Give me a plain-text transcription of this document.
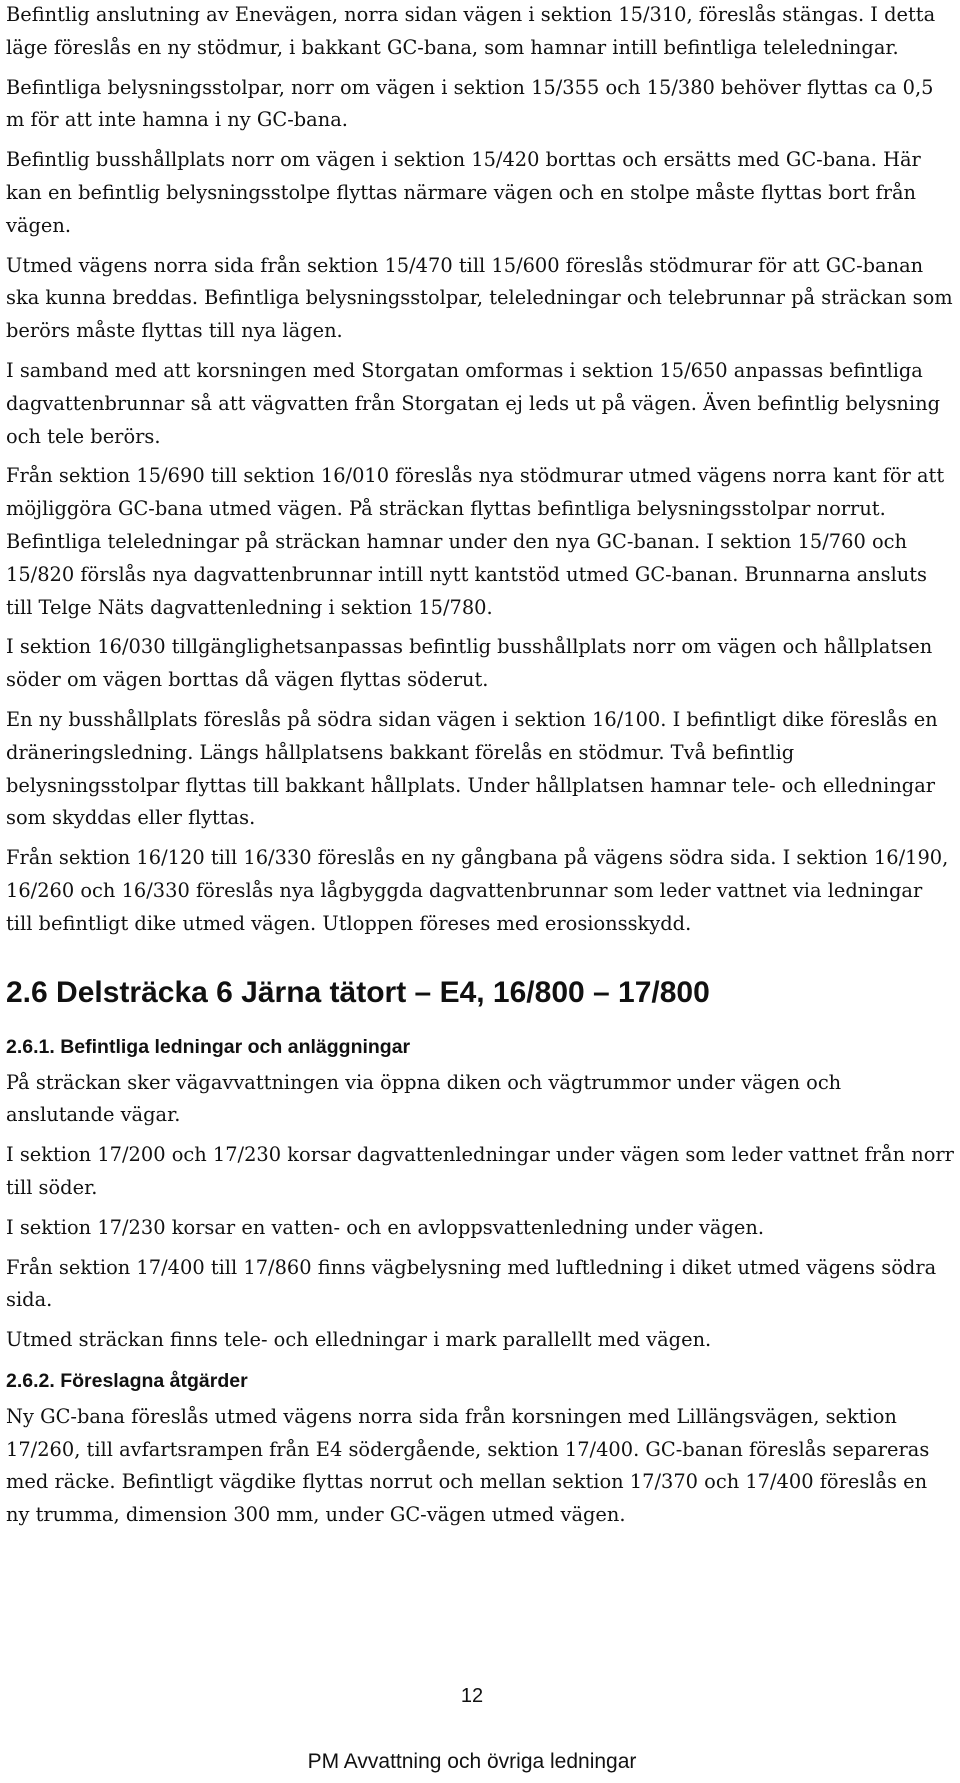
Befintlig anslutning av Enevägen, norra sidan vägen i sektion 15/310, föreslås stängas. I detta läge föreslås en ny stödmur, i bakkant GC-bana, som hamnar intill befintliga teleledningar.

Befintliga belysningsstolpar, norr om vägen i sektion 15/355 och 15/380 behöver flyttas ca 0,5 m för att inte hamna i ny GC-bana.

Befintlig busshållplats norr om vägen i sektion 15/420 borttas och ersätts med GC-bana. Här kan en befintlig belysningsstolpe flyttas närmare vägen och en stolpe måste flyttas bort från vägen.

Utmed vägens norra sida från sektion 15/470 till 15/600 föreslås stödmurar för att GC-banan ska kunna breddas. Befintliga belysningsstolpar, teleledningar och telebrunnar på sträckan som berörs måste flyttas till nya lägen.

I samband med att korsningen med Storgatan omformas i sektion 15/650 anpassas befintliga dagvattenbrunnar så att vägvatten från Storgatan ej leds ut på vägen. Även befintlig belysning och tele berörs.

Från sektion 15/690 till sektion 16/010 föreslås nya stödmurar utmed vägens norra kant för att möjliggöra GC-bana utmed vägen. På sträckan flyttas befintliga belysningsstolpar norrut. Befintliga teleledningar på sträckan hamnar under den nya GC-banan. I sektion 15/760 och 15/820 förslås nya dagvattenbrunnar intill nytt kantstöd utmed GC-banan. Brunnarna ansluts till Telge Näts dagvattenledning i sektion 15/780.

I sektion 16/030 tillgänglighetsanpassas befintlig busshållplats norr om vägen och hållplatsen söder om vägen borttas då vägen flyttas söderut.

En ny busshållplats föreslås på södra sidan vägen i sektion 16/100. I befintligt dike föreslås en dräneringsledning. Längs hållplatsens bakkant förelås en stödmur. Två befintlig belysningsstolpar flyttas till bakkant hållplats. Under hållplatsen hamnar tele- och elledningar som skyddas eller flyttas.

Från sektion 16/120 till 16/330 föreslås en ny gångbana på vägens södra sida. I sektion 16/190, 16/260 och 16/330 föreslås nya lågbyggda dagvattenbrunnar som leder vattnet via ledningar till befintligt dike utmed vägen. Utloppen föreses med erosionsskydd.

2.6 Delsträcka 6 Järna tätort – E4, 16/800 – 17/800
2.6.1. Befintliga ledningar och anläggningar

På sträckan sker vägavvattningen via öppna diken och vägtrummor under vägen och anslutande vägar.

I sektion 17/200 och 17/230 korsar dagvattenledningar under vägen som leder vattnet från norr till söder.

I sektion 17/230 korsar en vatten- och en avloppsvattenledning under vägen.

Från sektion 17/400 till 17/860 finns vägbelysning med luftledning i diket utmed vägens södra sida.

Utmed sträckan finns tele- och elledningar i mark parallellt med vägen.

2.6.2. Föreslagna åtgärder

Ny GC-bana föreslås utmed vägens norra sida från korsningen med Lillängsvägen, sektion 17/260, till avfartsrampen från E4 södergående, sektion 17/400. GC-banan föreslås separeras med räcke. Befintligt vägdike flyttas norrut och mellan sektion 17/370 och 17/400 föreslås en ny trumma, dimension 300 mm, under GC-vägen utmed vägen.

12
PM Avvattning och övriga ledningar
